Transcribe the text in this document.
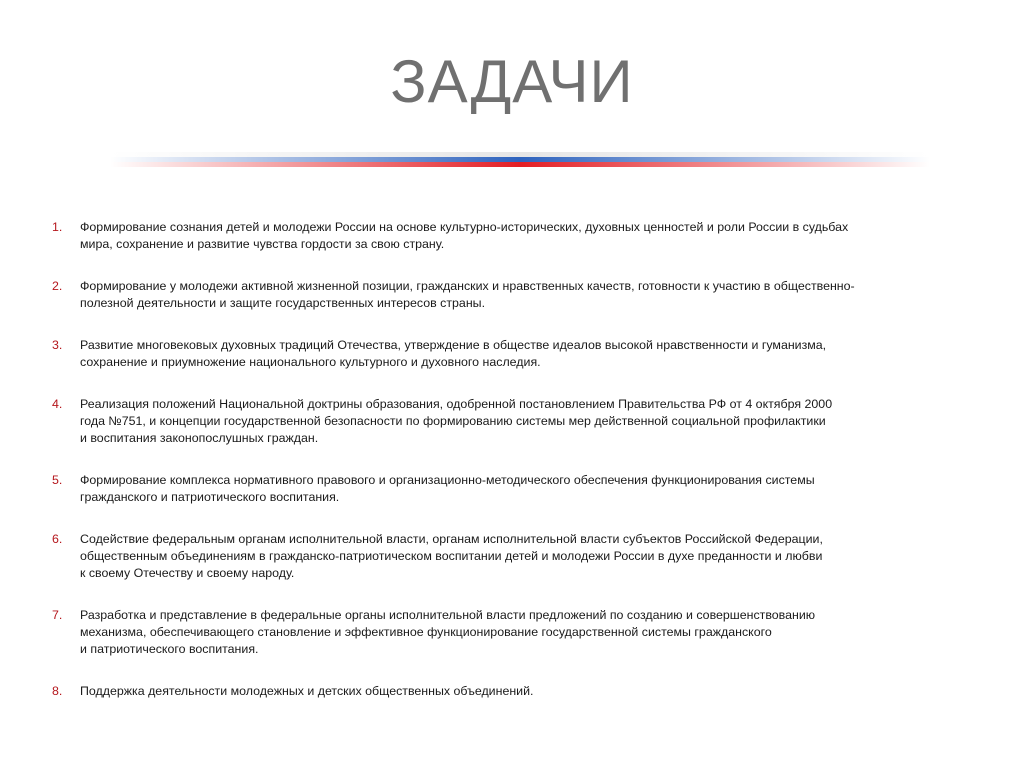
ЗАДАЧИ
1. Формирование сознания детей и молодежи России на основе культурно-исторических, духовных ценностей и роли России в судьбах
мира, сохранение и развитие чувства гордости за свою страну.
2. Формирование у молодежи активной жизненной позиции, гражданских и нравственных качеств, готовности к участию в общественно-
полезной деятельности и защите государственных интересов страны.
3. Развитие многовековых духовных традиций Отечества, утверждение в обществе идеалов высокой нравственности и гуманизма,
сохранение и приумножение национального культурного и духовного наследия.
4. Реализация положений Национальной доктрины образования, одобренной постановлением Правительства РФ от 4 октября 2000
года №751, и концепции государственной безопасности по формированию системы мер действенной социальной профилактики
и воспитания законопослушных граждан.
5. Формирование комплекса нормативного правового и организационно-методического обеспечения функционирования системы
гражданского и патриотического воспитания.
6. Содействие федеральным органам исполнительной власти, органам исполнительной власти субъектов Российской Федерации,
общественным объединениям в гражданско-патриотическом воспитании детей и молодежи России в духе преданности и любви
к своему Отечеству и своему народу.
7. Разработка и представление в федеральные органы исполнительной власти предложений по созданию и совершенствованию
механизма, обеспечивающего становление и эффективное функционирование государственной системы гражданского
и патриотического воспитания.
8. Поддержка деятельности молодежных и детских общественных объединений.
